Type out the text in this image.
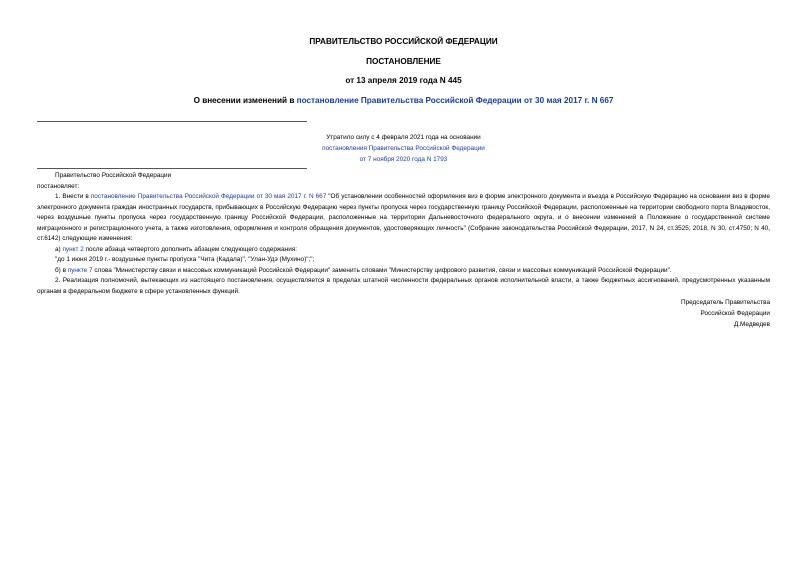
ПРАВИТЕЛЬСТВО РОССИЙСКОЙ ФЕДЕРАЦИИ
ПОСТАНОВЛЕНИЕ
от 13 апреля 2019 года N 445
О внесении изменений в постановление Правительства Российской Федерации от 30 мая 2017 г. N 667
Утратило силу с 4 февраля 2021 года на основании
постановления Правительства Российской Федерации
от 7 ноября 2020 года N 1793

Правительство Российской Федерации

постановляет:

1. Внести в постановление Правительства Российской Федерации от 30 мая 2017 г. N 667 "Об установлении особенностей оформления виз в форме электронного документа и въезда в Российскую Федерацию на основании виз в форме электронного документа граждан иностранных государств, прибывающих в Российскую Федерацию через пункты пропуска через государственную границу Российской Федерации, расположенные на территории свободного порта Владивосток, через воздушные пункты пропуска через государственную границу Российской Федерации, расположенные на территории Дальневосточного федерального округа, и о внесении изменений в Положение о государственной системе миграционного и регистрационного учета, а также изготовления, оформления и контроля обращения документов, удостоверяющих личность" (Собрание законодательства Российской Федерации, 2017, N 24, ст.3525; 2018, N 30, ст.4750; N 40, ст.6142) следующие изменения:

а) пункт 2 после абзаца четвертого дополнить абзацем следующего содержания:

"до 1 июня 2019 г.- воздушные пункты пропуска "Чита (Кадала)", "Улан-Удэ (Мухино)";";

б) в пункте 7 слова "Министерству связи и массовых коммуникаций Российской Федерации" заменить словами "Министерству цифрового развития, связи и массовых коммуникаций Российской Федерации".

2. Реализация полномочий, вытекающих из настоящего постановления, осуществляется в пределах штатной численности федеральных органов исполнительной власти, а также бюджетных ассигнований, предусмотренных указанным органам в федеральном бюджете в сфере установленных функций.

Председатель Правительства
Российской Федерации
Д.Медведев
